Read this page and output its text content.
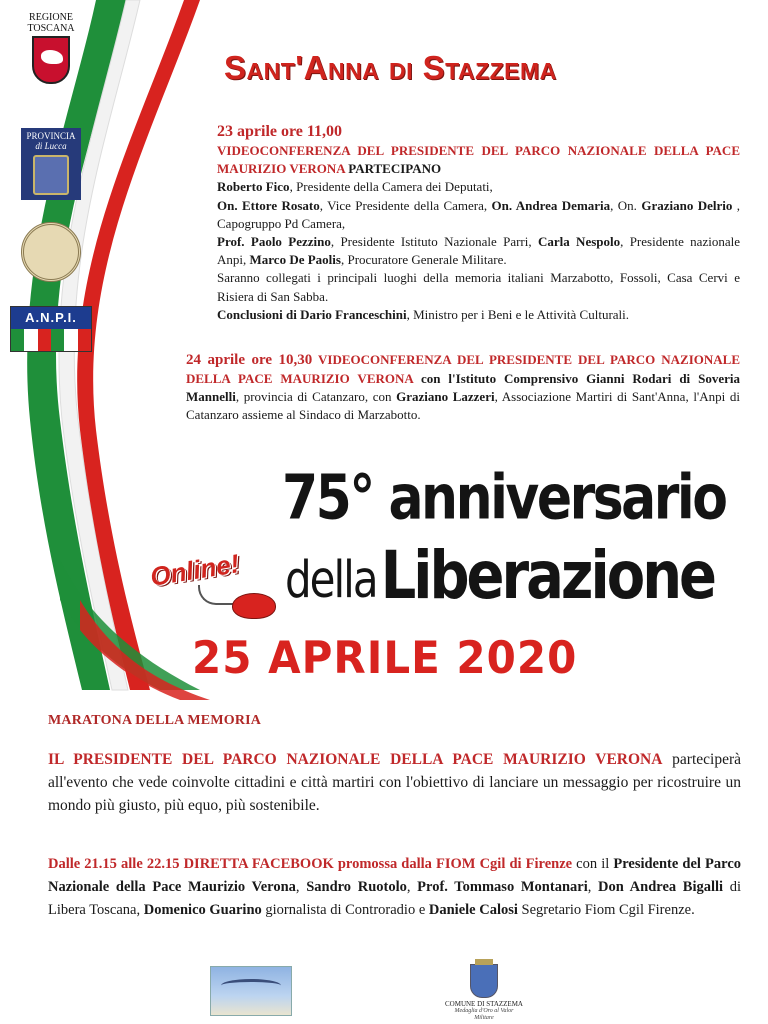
REGIONE TOSCANA
PROVINCIA
di Lucca
A.N.P.I.
Sant'Anna di Stazzema
23 aprile ore 11,00
VIDEOCONFERENZA DEL PRESIDENTE DEL PARCO NAZIONALE DELLA PACE MAURIZIO VERONA PARTECIPANO
Roberto Fico, Presidente della Camera dei Deputati,
On. Ettore Rosato, Vice Presidente della Camera, On. Andrea Demaria, On. Graziano Delrio , Capogruppo Pd Camera,
Prof. Paolo Pezzino, Presidente Istituto Nazionale Parri, Carla Nespolo, Presidente nazionale Anpi, Marco De Paolis, Procuratore Generale Militare.
Saranno collegati i principali luoghi della memoria italiani Marzabotto, Fossoli, Casa Cervi e Risiera di San Sabba.
Conclusioni di Dario Franceschini, Ministro per i Beni e le Attività Culturali.
24 aprile ore 10,30 VIDEOCONFERENZA DEL PRESIDENTE DEL PARCO NAZIONALE DELLA PACE MAURIZIO VERONA con l'Istituto Comprensivo Gianni Rodari di Soveria Mannelli, provincia di Catanzaro, con Graziano Lazzeri, Associazione Martiri di Sant'Anna, l'Anpi di Catanzaro assieme al Sindaco di Marzabotto.
75° anniversario
della Liberazione
Online!
25 APRILE 2020
MARATONA DELLA MEMORIA
IL PRESIDENTE DEL PARCO NAZIONALE DELLA PACE MAURIZIO VERONA parteciperà all'evento che vede coinvolte cittadini e città martiri con l'obiettivo di lanciare un messaggio per ricostruire un mondo più giusto, più equo, più sostenibile.
Dalle 21.15 alle 22.15 DIRETTA FACEBOOK promossa dalla FIOM Cgil di Firenze con il Presidente del Parco Nazionale della Pace Maurizio Verona, Sandro Ruotolo, Prof. Tommaso Montanari, Don Andrea Bigalli di Libera Toscana, Domenico Guarino giornalista di Controradio e Daniele Calosi Segretario Fiom Cgil Firenze.
COMUNE DI STAZZEMA
Medaglia d'Oro al Valor Militare
